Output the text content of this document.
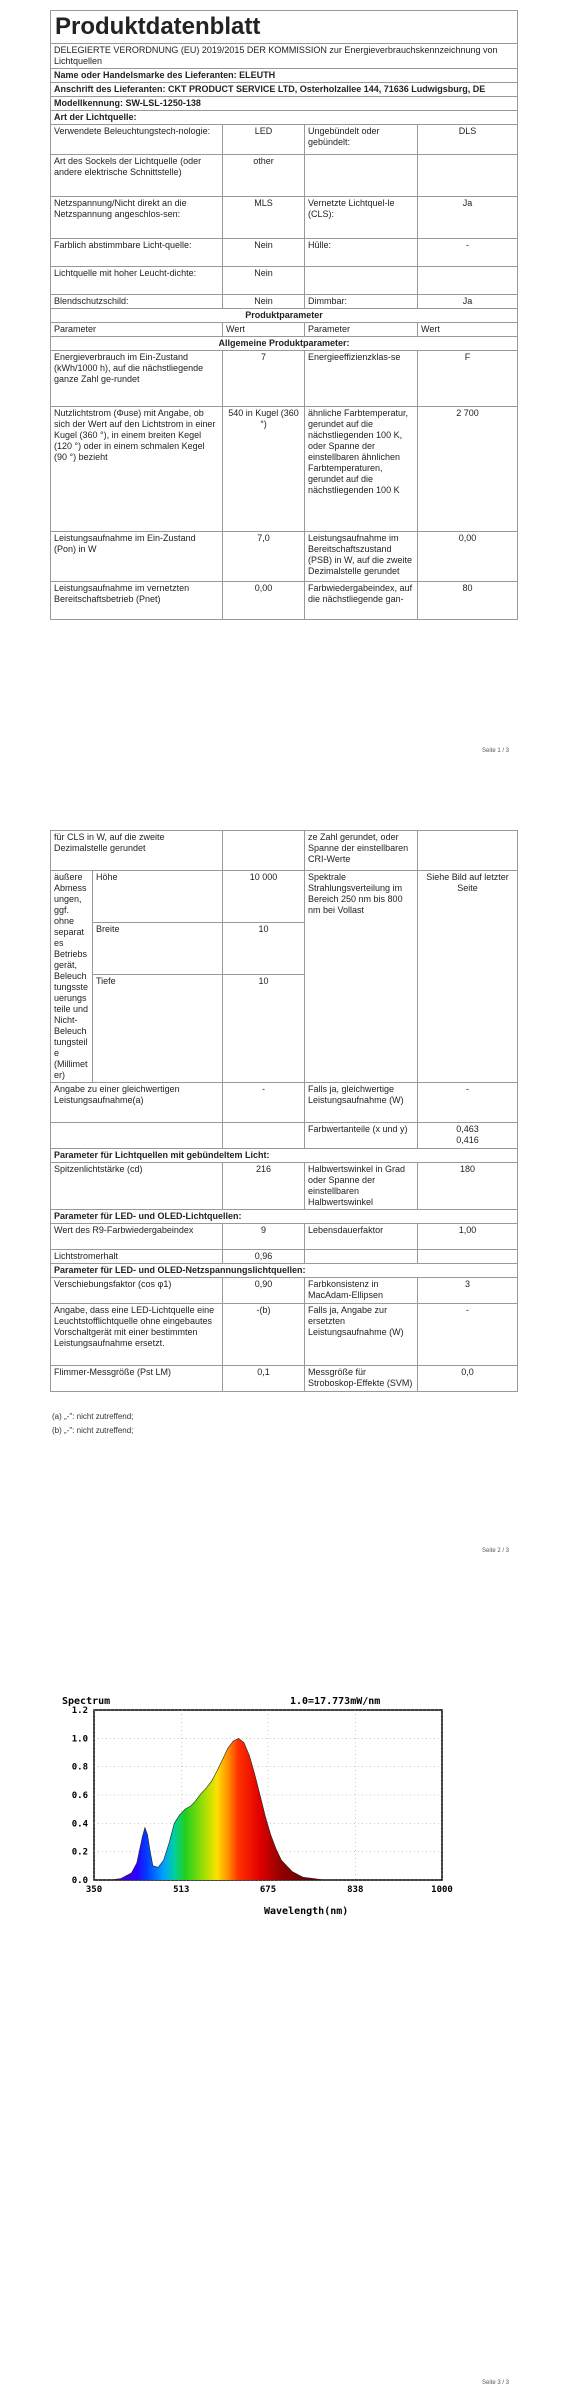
Produktdatenblatt			
DELEGIERTE VERORDNUNG (EU) 2019/2015 DER KOMMISSION zur Energieverbrauchskennzeichnung von Lichtquellen			
Name oder Handelsmarke des Lieferanten: ELEUTH			
Anschrift des Lieferanten: CKT PRODUCT SERVICE LTD, Osterholzallee 144, 71636 Ludwigsburg, DE			
Modellkennung: SW-LSL-1250-138			
Art der Lichtquelle:			
Verwendete Beleuchtungstech-nologie:	LED	Ungebündelt oder gebündelt:	DLS
Art des Sockels der Lichtquelle (oder andere elektrische Schnittstelle)	other		
Netzspannung/Nicht direkt an die Netzspannung angeschlos-sen:	MLS	Vernetzte Lichtquel-le (CLS):	Ja
Farblich abstimmbare Licht-quelle:	Nein	Hülle:	-
Lichtquelle mit hoher Leucht-dichte:	Nein		
Blendschutzschild:	Nein	Dimmbar:	Ja
Produktparameter			
Parameter	Wert	Parameter	Wert
Allgemeine Produktparameter:			
Energieverbrauch im Ein-Zustand (kWh/1000 h), auf die nächstliegende ganze Zahl ge-rundet	7	Energieeffizienzklas-se	F
Nutzlichtstrom (Φuse) mit Angabe, ob sich der Wert auf den Lichtstrom in einer Kugel (360 °), in einem breiten Kegel (120 °) oder in einem schmalen Kegel (90 °) bezieht	540 in Kugel (360 °)	ähnliche Farbtemperatur, gerundet auf die nächstliegenden 100 K, oder Spanne der einstellbaren ähnlichen Farbtemperaturen, gerundet auf die nächstliegenden 100 K	2 700
Leistungsaufnahme im Ein-Zustand (Pon) in W	7,0	Leistungsaufnahme im Bereitschaftszustand (PSB) in W, auf die zweite Dezimalstelle gerundet	0,00
Leistungsaufnahme im vernetzten Bereitschaftsbetrieb (Pnet)	0,00	Farbwiedergabeindex, auf die nächstliegende gan-	80
Seite 1 / 3
für CLS in W, auf die zweite Dezimalstelle gerundet			ze Zahl gerundet, oder Spanne der einstellbaren CRI-Werte	
äußere Abmessungen, ggf. ohne separates Betriebsgerät, Beleuchtungssteuerungsteile und Nicht-Beleuchtungsteile (Millimeter)	Höhe	10 000	Spektrale Strahlungsverteilung im Bereich 250 nm bis 800 nm bei Vollast	Siehe Bild auf letzter Seite
	Breite	10		
	Tiefe	10		
Angabe zu einer gleichwertigen Leistungsaufnahme(a)		-	Falls ja, gleichwertige Leistungsaufnahme (W)	-
			Farbwertanteile (x und y)	0,463
0,416

Parameter für Lichtquellen mit gebündeltem Licht:				
Spitzenlichtstärke (cd)		216	Halbwertswinkel in Grad oder Spanne der einstellbaren Halbwertswinkel	180
Parameter für LED- und OLED-Lichtquellen:				
Wert des R9-Farbwiedergabeindex		9	Lebensdauerfaktor	1,00
Lichtstromerhalt		0,96		
Parameter für LED- und OLED-Netzspannungslichtquellen:				
Verschiebungsfaktor (cos φ1)		0,90	Farbkonsistenz in MacAdam-Ellipsen	3
Angabe, dass eine LED-Lichtquelle eine Leuchtstofflichtquelle ohne eingebautes Vorschaltgerät mit einer bestimmten Leistungsaufnahme ersetzt.		-(b)	Falls ja, Angabe zur ersetzten Leistungsaufnahme (W)	-
Flimmer-Messgröße (Pst LM)		0,1	Messgröße für Stroboskop-Effekte (SVM)	0,0
(a) „-": nicht zutreffend;
(b) „-": nicht zutreffend;
Seite 2 / 3
0.0
0.2
0.4
0.6
0.8
1.0
1.2
350	513	675	838	1000
Spectrum	1.0=17.773mW/nm
Wavelength(nm)
Seite 3 / 3
